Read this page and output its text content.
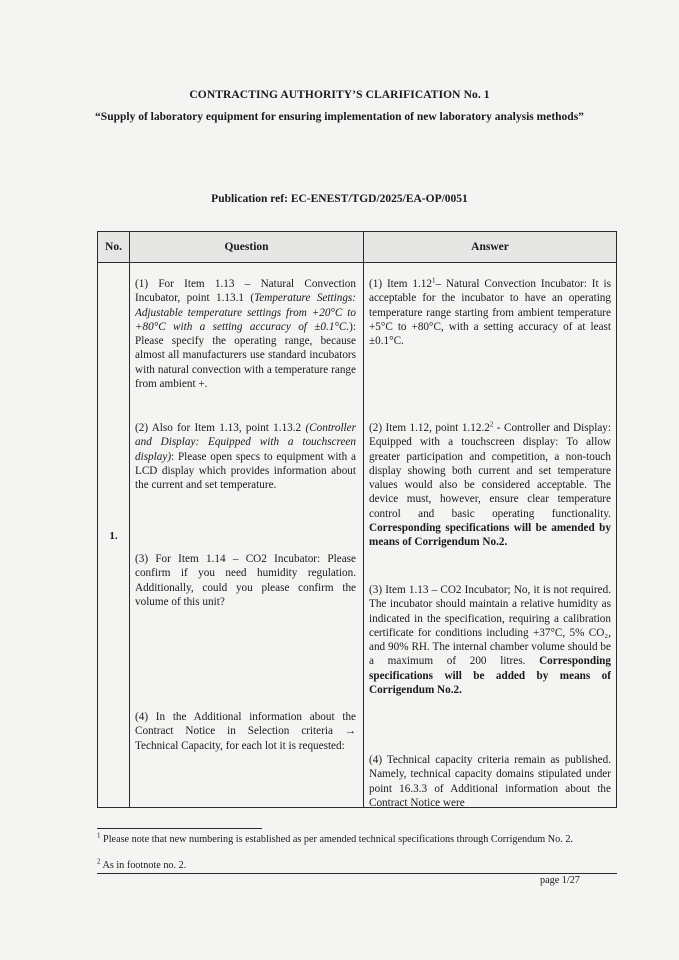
CONTRACTING AUTHORITY’S CLARIFICATION No. 1
“Supply of laboratory equipment for ensuring implementation of new laboratory analysis methods”
Publication ref: EC-ENEST/TGD/2025/EA-OP/0051
No.	Question	Answer
1.
(1) For Item 1.13 – Natural Convection Incubator, point 1.13.1 (Temperature Settings: Adjustable temperature settings from +20°C to +80°C with a setting accuracy of ±0.1°C.): Please specify the operating range, because almost all manufacturers use standard incubators with natural convection with a temperature range from ambient +.
(2) Also for Item 1.13, point 1.13.2 (Controller and Display: Equipped with a touchscreen display): Please open specs to equipment with a LCD display which provides information about the current and set temperature.
(3) For Item 1.14 – CO2 Incubator: Please confirm if you need humidity regulation. Additionally, could you please confirm the volume of this unit?
(4) In the Additional information about the Contract Notice in Selection criteria → Technical Capacity, for each lot it is requested:
(1) Item 1.12$^1$– Natural Convection Incubator: It is acceptable for the incubator to have an operating temperature range starting from ambient temperature +5°C to +80°C, with a setting accuracy of at least ±0.1°C.
(2) Item 1.12, point 1.12.2$^2$ - Controller and Display: Equipped with a touchscreen display: To allow greater participation and competition, a non-touch display showing both current and set temperature values would also be considered acceptable. The device must, however, ensure clear temperature control and basic operating functionality. Corresponding specifications will be amended by means of Corrigendum No.2.
(3) Item 1.13 – CO2 Incubator; No, it is not required. The incubator should maintain a relative humidity as indicated in the specification, requiring a calibration certificate for conditions including +37°C, 5% CO₂, and 90% RH. The internal chamber volume should be a maximum of 200 litres. Corresponding specifications will be added by means of Corrigendum No.2.
(4) Technical capacity criteria remain as published. Namely, technical capacity domains stipulated under point 16.3.3 of Additional information about the Contract Notice were
$^1$ Please note that new numbering is established as per amended technical specifications through Corrigendum No. 2.
$^2$ As in footnote no. 2.
page 1/27
